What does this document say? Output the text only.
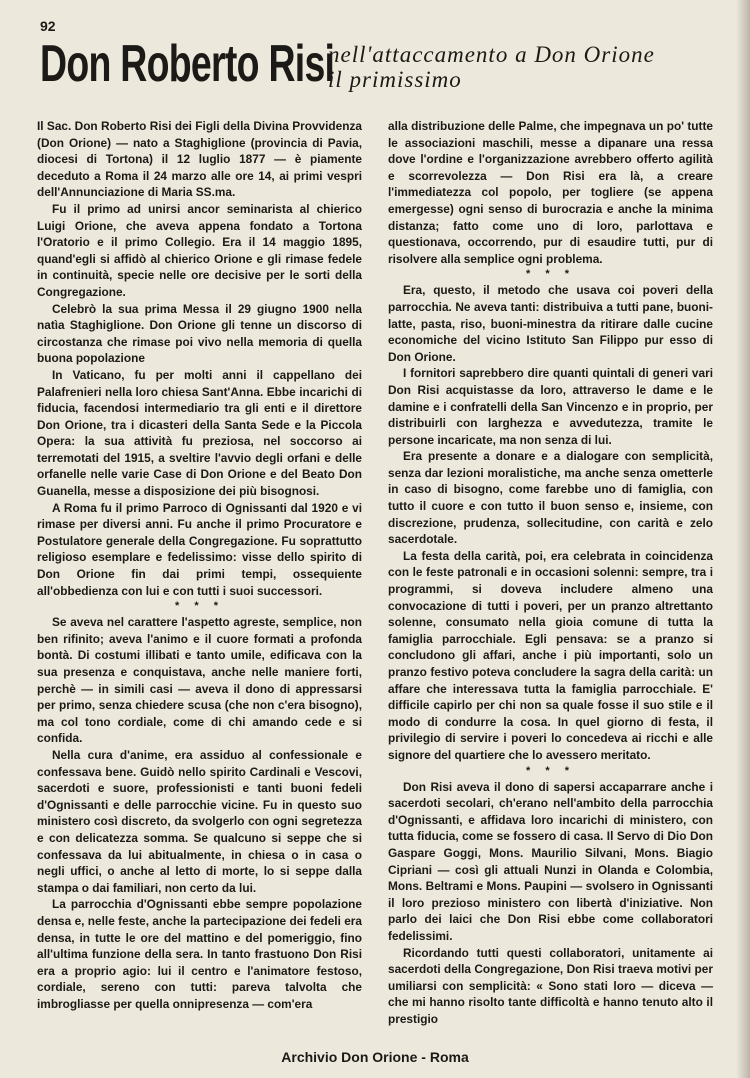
92
Don Roberto Risi
nell'attaccamento a Don Orione
il primissimo

Il Sac. Don Roberto Risi dei Figli della Divina Provvidenza (Don Orione) — nato a Staghiglione (provincia di Pavia, diocesi di Tortona) il 12 luglio 1877 — è piamente deceduto a Roma il 24 marzo alle ore 14, ai primi vespri dell'Annunciazione di Maria SS.ma.

Fu il primo ad unirsi ancor seminarista al chierico Luigi Orione, che aveva appena fondato a Tortona l'Oratorio e il primo Collegio. Era il 14 maggio 1895, quand'egli si affidò al chierico Orione e gli rimase fedele in continuità, specie nelle ore decisive per le sorti della Congregazione.

Celebrò la sua prima Messa il 29 giugno 1900 nella natìa Staghiglione. Don Orione gli tenne un discorso di circostanza che rimase poi vivo nella memoria di quella buona popolazione

In Vaticano, fu per molti anni il cappellano dei Palafrenieri nella loro chiesa Sant'Anna. Ebbe incarichi di fiducia, facendosi intermediario tra gli enti e il direttore Don Orione, tra i dicasteri della Santa Sede e la Piccola Opera: la sua attività fu preziosa, nel soccorso ai terremotati del 1915, a sveltire l'avvio degli orfani e delle orfanelle nelle varie Case di Don Orione e del Beato Don Guanella, messe a disposizione dei più bisognosi.

A Roma fu il primo Parroco di Ognissanti dal 1920 e vi rimase per diversi anni. Fu anche il primo Procuratore e Postulatore generale della Congregazione. Fu soprattutto religioso esemplare e fedelissimo: visse dello spirito di Don Orione fin dai primi tempi, ossequiente all'obbedienza con lui e con tutti i suoi successori.

* * *

Se aveva nel carattere l'aspetto agreste, semplice, non ben rifinito; aveva l'animo e il cuore formati a profonda bontà. Di costumi illibati e tanto umile, edificava con la sua presenza e conquistava, anche nelle maniere forti, perchè — in simili casi — aveva il dono di appressarsi per primo, senza chiedere scusa (che non c'era bisogno), ma col tono cordiale, come di chi amando cede e si confida.

Nella cura d'anime, era assiduo al confessionale e confessava bene. Guidò nello spirito Cardinali e Vescovi, sacerdoti e suore, professionisti e tanti buoni fedeli d'Ognissanti e delle parrocchie vicine. Fu in questo suo ministero così discreto, da svolgerlo con ogni segretezza e con delicatezza somma. Se qualcuno si seppe che si confessava da lui abitualmente, in chiesa o in casa o negli uffici, o anche al letto di morte, lo si seppe dalla stampa o dai familiari, non certo da lui.

La parrocchia d'Ognissanti ebbe sempre popolazione densa e, nelle feste, anche la partecipazione dei fedeli era densa, in tutte le ore del mattino e del pomeriggio, fino all'ultima funzione della sera. In tanto frastuono Don Risi era a proprio agio: lui il centro e l'animatore festoso, cordiale, sereno con tutti: pareva talvolta che imbrogliasse per quella onnipresenza — com'era

alla distribuzione delle Palme, che impegnava un po' tutte le associazioni maschili, messe a dipanare una ressa dove l'ordine e l'organizzazione avrebbero offerto agilità e scorrevolezza — Don Risi era là, a creare l'immediatezza col popolo, per togliere (se appena emergesse) ogni senso di burocrazia e anche la minima distanza; fatto come uno di loro, parlottava e questionava, occorrendo, pur di esaudire tutti, pur di risolvere alla semplice ogni problema.

* * *

Era, questo, il metodo che usava coi poveri della parrocchia. Ne aveva tanti: distribuiva a tutti pane, buoni-latte, pasta, riso, buoni-minestra da ritirare dalle cucine economiche del vicino Istituto San Filippo pur esso di Don Orione.

I fornitori saprebbero dire quanti quintali di generi vari Don Risi acquistasse da loro, attraverso le dame e le damine e i confratelli della San Vincenzo e in proprio, per distribuirli con larghezza e avvedutezza, tramite le persone incaricate, ma non senza di lui.

Era presente a donare e a dialogare con semplicità, senza dar lezioni moralistiche, ma anche senza ometterle in caso di bisogno, come farebbe uno di famiglia, con tutto il cuore e con tutto il buon senso e, insieme, con discrezione, prudenza, sollecitudine, con carità e zelo sacerdotale.

La festa della carità, poi, era celebrata in coincidenza con le feste patronali e in occasioni solenni: sempre, tra i programmi, si doveva includere almeno una convocazione di tutti i poveri, per un pranzo altrettanto solenne, consumato nella gioia comune di tutta la famiglia parrocchiale. Egli pensava: se a pranzo si concludono gli affari, anche i più importanti, solo un pranzo festivo poteva concludere la sagra della carità: un affare che interessava tutta la famiglia parrocchiale. E' difficile capirlo per chi non sa quale fosse il suo stile e il modo di condurre la cosa. In quel giorno di festa, il privilegio di servire i poveri lo concedeva ai ricchi e alle signore del quartiere che lo avessero meritato.

* * *

Don Risi aveva il dono di sapersi accaparrare anche i sacerdoti secolari, ch'erano nell'ambito della parrocchia d'Ognissanti, e affidava loro incarichi di ministero, con tutta fiducia, come se fossero di casa. Il Servo di Dio Don Gaspare Goggi, Mons. Maurilio Silvani, Mons. Biagio Cipriani — così gli attuali Nunzi in Olanda e Colombia, Mons. Beltrami e Mons. Paupini — svolsero in Ognissanti il loro prezioso ministero con libertà d'iniziative. Non parlo dei laici che Don Risi ebbe come collaboratori fedelissimi.

Ricordando tutti questi collaboratori, unitamente ai sacerdoti della Congregazione, Don Risi traeva motivi per umiliarsi con semplicità: « Sono stati loro — diceva — che mi hanno risolto tante difficoltà e hanno tenuto alto il prestigio

Archivio Don Orione - Roma
